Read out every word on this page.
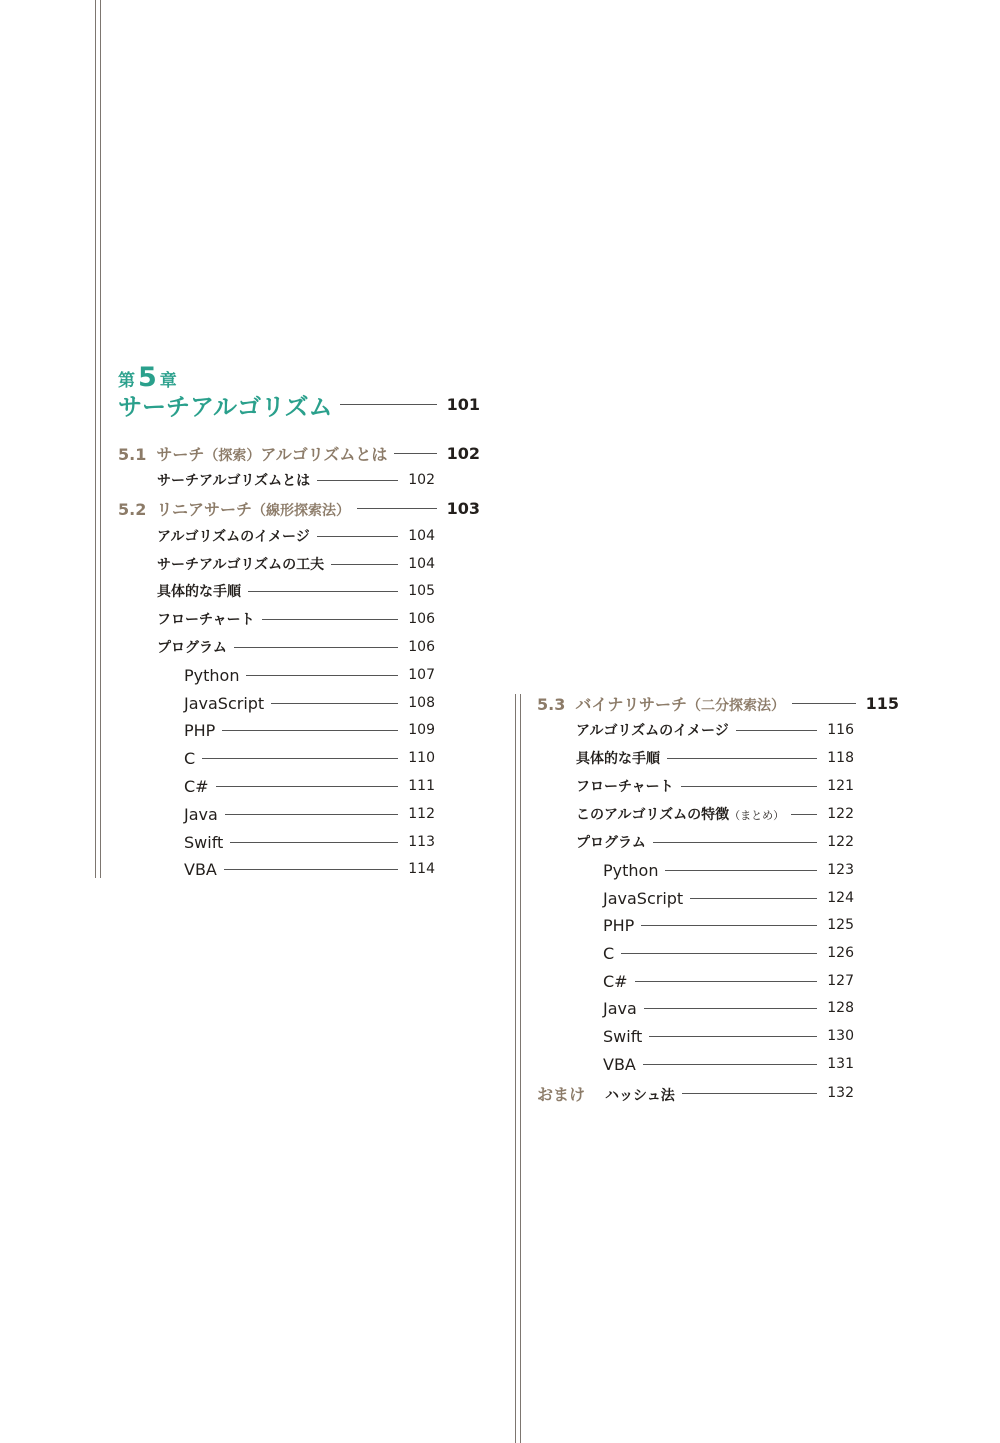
第 5 章
サーチアルゴリズム	101
5.1 サーチ（探索）アルゴリズムとは	102
サーチアルゴリズムとは	102
5.2 リニアサーチ（線形探索法）	103
アルゴリズムのイメージ	104
サーチアルゴリズムの工夫	104
具体的な手順	105
フローチャート	106
プログラム	106
Python	107
JavaScript	108
PHP	109
C	110
C#	111
Java	112
Swift	113
VBA	114
5.3 バイナリサーチ（二分探索法）	115
アルゴリズムのイメージ	116
具体的な手順	118
フローチャート	121
このアルゴリズムの特徴（まとめ）	122
プログラム	122
Python	123
JavaScript	124
PHP	125
C	126
C#	127
Java	128
Swift	130
VBA	131
おまけ ハッシュ法	132
